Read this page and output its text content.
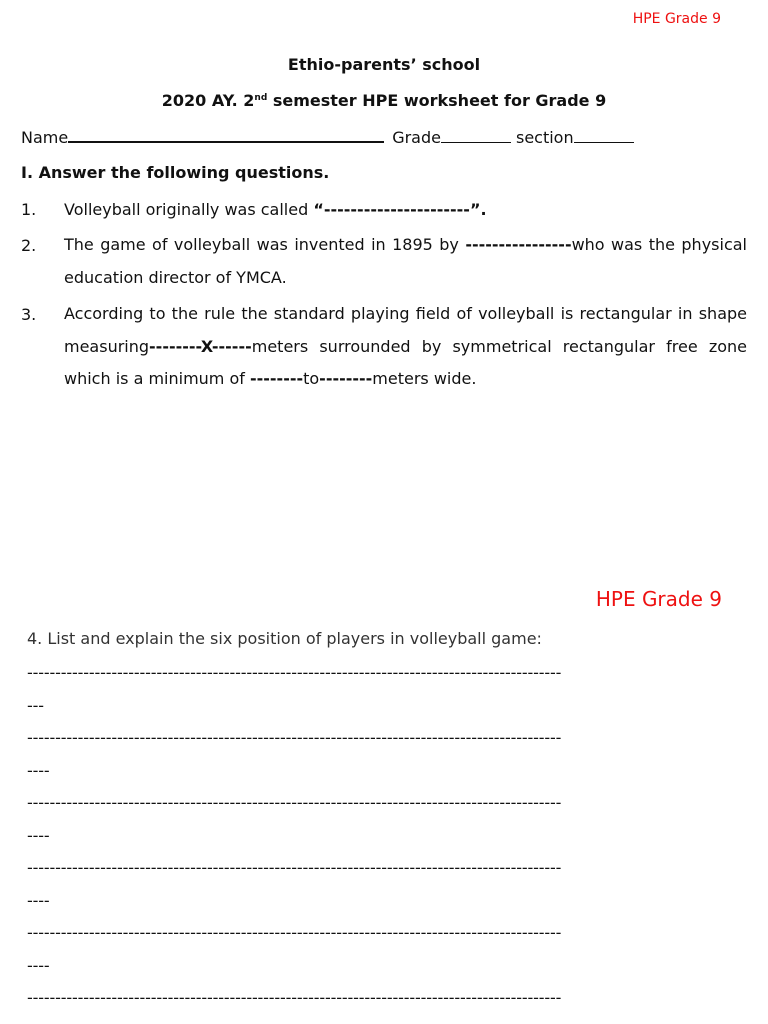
HPE Grade 9
Ethio-parents’ school
2020 AY. 2nd semester HPE worksheet for Grade 9
Name	Grade	section
I. Answer the following questions.
1. Volleyball originally was called “----------------------”.
2. The game of volleyball was invented in 1895 by ----------------who was the physical education director of YMCA.
3. According to the rule the standard playing field of volleyball is rectangular in shape measuring--------X------meters surrounded by symmetrical rectangular free zone which is a minimum of --------to--------meters wide.
HPE Grade 9
4. List and explain the six position of players in volleyball game:
-----------------------------------------------------------------------------------------------
---
-----------------------------------------------------------------------------------------------
----
-----------------------------------------------------------------------------------------------
----
-----------------------------------------------------------------------------------------------
----
-----------------------------------------------------------------------------------------------
----
-----------------------------------------------------------------------------------------------
